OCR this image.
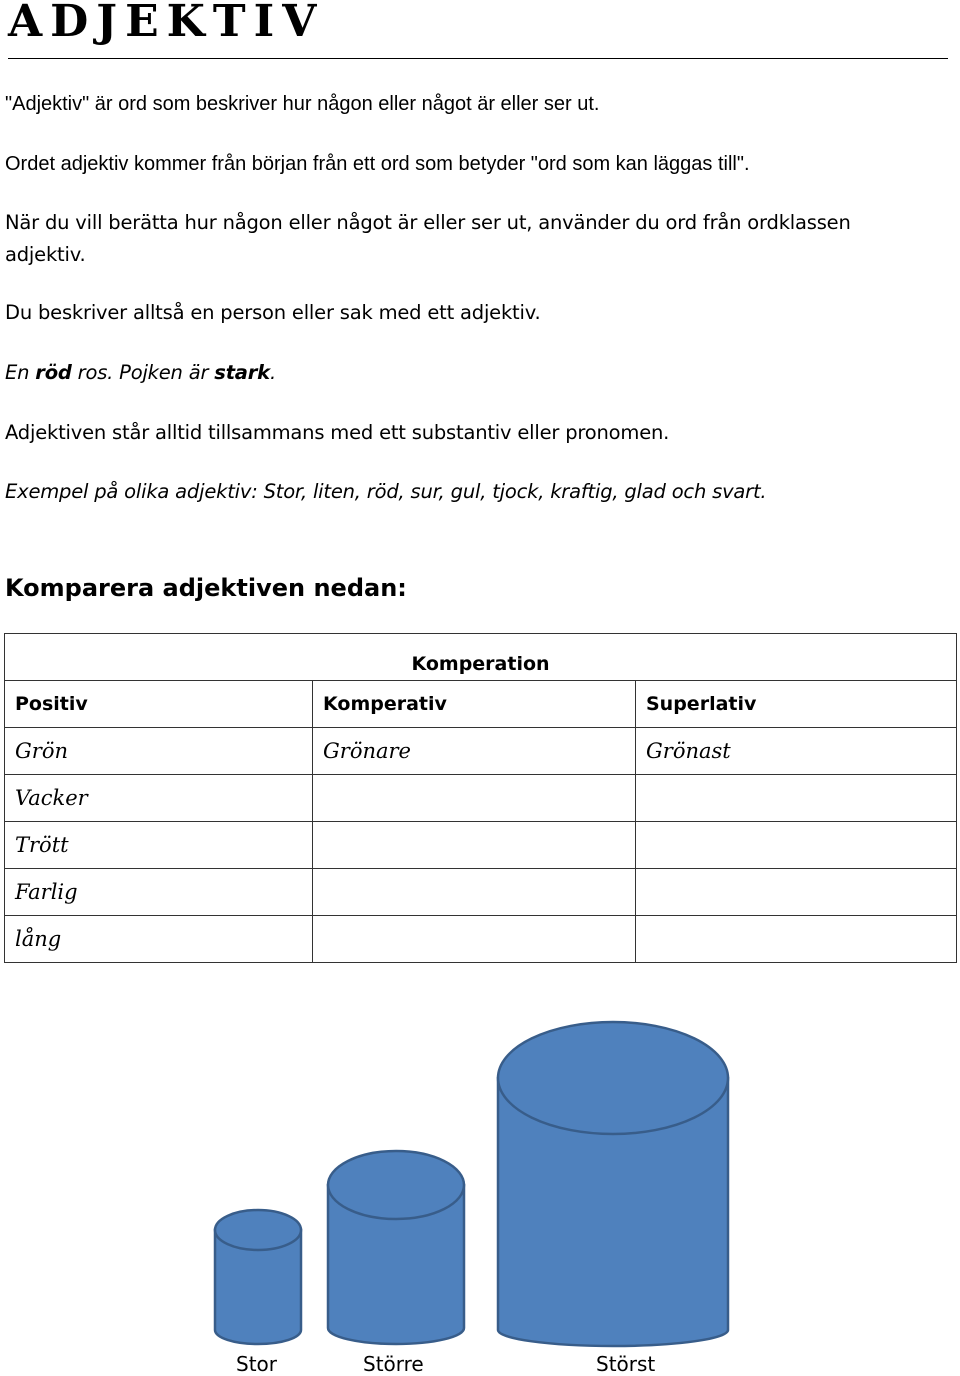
ADJEKTIV

"Adjektiv" är ord som beskriver hur någon eller något är eller ser ut.

Ordet adjektiv kommer från början från ett ord som betyder "ord som kan läggas till".

När du vill berätta hur någon eller något är eller ser ut, använder du ord från ordklassen adjektiv.

Du beskriver alltså en person eller sak med ett adjektiv.

En röd ros. Pojken är stark.

Adjektiven står alltid tillsammans med ett substantiv eller pronomen.

Exempel på olika adjektiv: Stor, liten, röd, sur, gul, tjock, kraftig, glad och svart.

Komparera adjektiven nedan:
Komperation		
Positiv	Komperativ	Superlativ
Grön	Grönare	Grönast
Vacker		
Trött		
Farlig		
lång		
Stor	Större	Störst
